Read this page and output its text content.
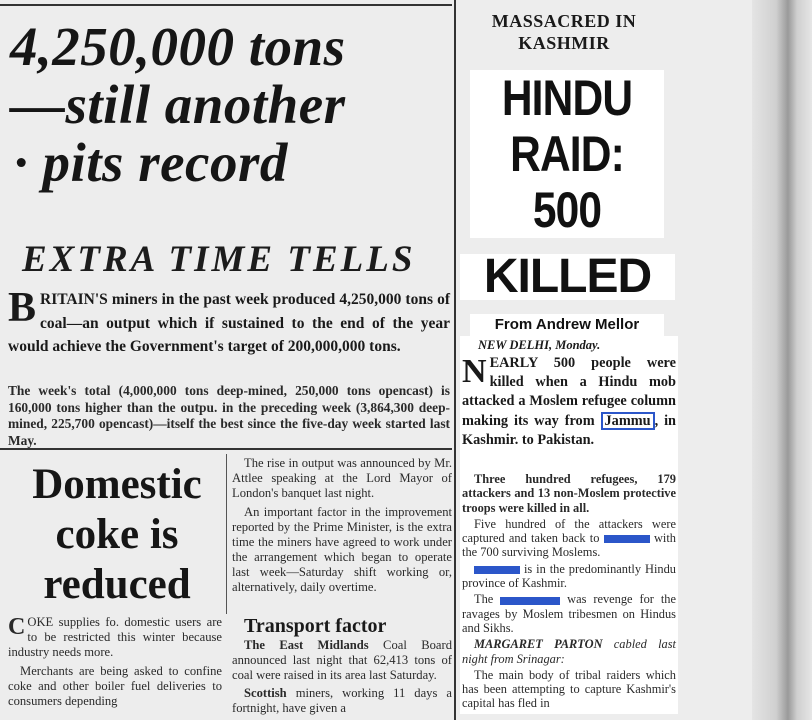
4,250,000 tons
—still another
· pits record
EXTRA TIME TELLS
BRITAIN'S miners in the past week produced 4,250,000 tons of coal—an output which if sustained to the end of the year would achieve the Government's target of 200,000,000 tons.
The week's total (4,000,000 tons deep-mined, 250,000 tons opencast) is 160,000 tons higher than the outpu. in the preceding week (3,864,300 deep-mined, 225,700 opencast)—itself the best since the five-day week started last May.
Domestic
coke is
reduced
COKE supplies fo. domestic users are to be restricted this winter because industry needs more.
Merchants are being asked to confine coke and other boiler fuel deliveries to consumers depending

The rise in output was announced by Mr. Attlee speaking at the Lord Mayor of London's banquet last night.

An important factor in the improvement reported by the Prime Minister, is the extra time the miners have agreed to work under the arrangement which began to operate last week—Saturday shift working or, alternatively, daily overtime.

Transport factor

The East Midlands Coal Board announced last night that 62,413 tons of coal were raised in its area last Saturday.

Scottish miners, working 11 days a fortnight, have given a

MASSACRED IN
KASHMIR
HINDU
RAID:
500
KILLED
From Andrew Mellor
NEW DELHI, Monday.
NEARLY 500 people were killed when a Hindu mob attacked a Moslem refugee column making its way from Jammu , in Kashmir. to Pakistan.

Three hundred refugees, 179 attackers and 13 non-Moslem protective troops were killed in all.

Five hundred of the attackers were captured and taken back to	with the 700 surviving Moslems.

is in the predominantly Hindu province of Kashmir.

The	was revenge for the ravages by Moslem tribesmen on Hindus and Sikhs.

MARGARET PARTON cabled last night from Srinagar:

The main body of tribal raiders which has been attempting to capture Kashmir's capital has fled in
